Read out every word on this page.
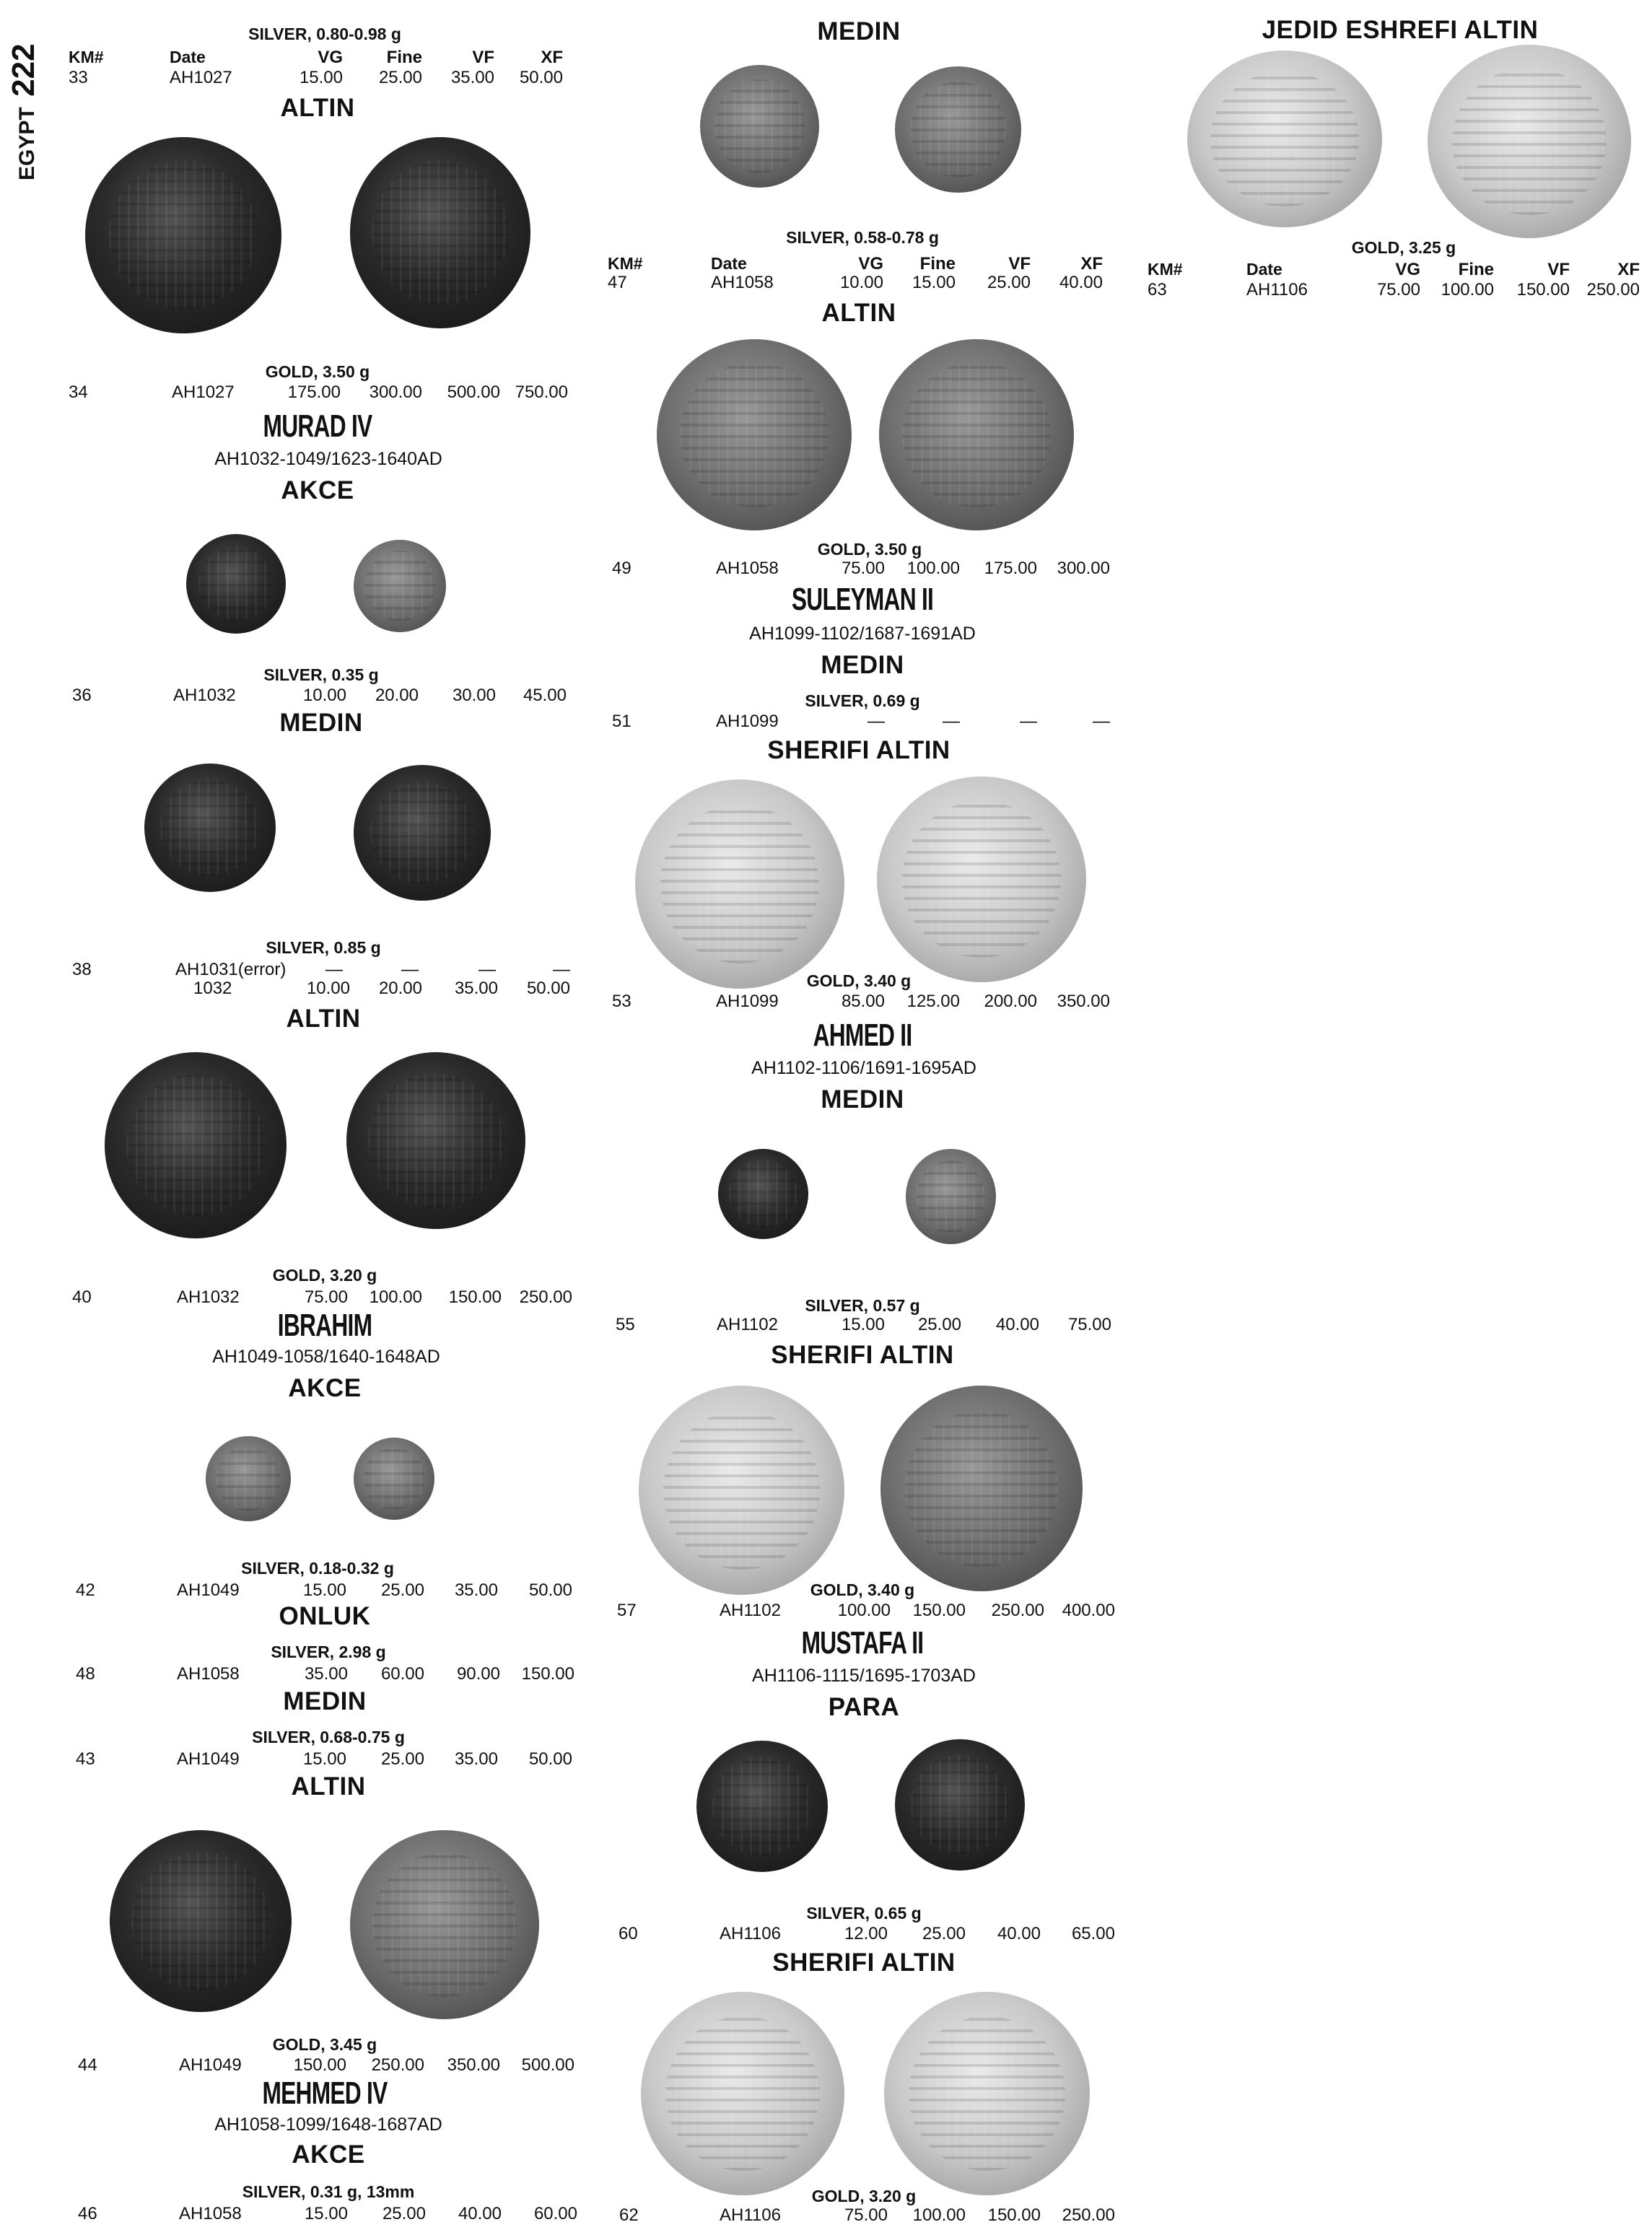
EGYPT 222
SILVER, 0.80-0.98 g
KM#	Date	VG	Fine	VF	XF
33	AH1027	15.00	25.00	35.00	50.00
ALTIN
GOLD, 3.50 g
34	AH1027	175.00	300.00	500.00 750.00
MURAD IV
AH1032-1049/1623-1640AD
AKCE
SILVER, 0.35 g
36	AH1032	10.00	20.00	30.00	45.00
MEDIN
SILVER, 0.85 g
38	AH1031(error)	—	—	—	—
1032	10.00	20.00	35.00	50.00
ALTIN
GOLD, 3.20 g
40	AH1032	75.00	100.00	150.00	250.00
IBRAHIM
AH1049-1058/1640-1648AD
AKCE
SILVER, 0.18-0.32 g
42	AH1049	15.00	25.00	35.00	50.00
ONLUK
SILVER, 2.98 g
48	AH1058	35.00	60.00	90.00	150.00
MEDIN
SILVER, 0.68-0.75 g
43	AH1049	15.00	25.00	35.00	50.00
ALTIN
GOLD, 3.45 g
44	AH1049	150.00	250.00	350.00	500.00
MEHMED IV
AH1058-1099/1648-1687AD
AKCE
SILVER, 0.31 g, 13mm
46	AH1058	15.00	25.00	40.00	60.00
MEDIN
SILVER, 0.58-0.78 g
KM#	Date	VG	Fine	VF	XF
47	AH1058	10.00	15.00	25.00	40.00
ALTIN
GOLD, 3.50 g
49	AH1058	75.00	100.00	175.00	300.00
SULEYMAN II
AH1099-1102/1687-1691AD
MEDIN
SILVER, 0.69 g
51	AH1099	—	—	—	—
SHERIFI ALTIN
GOLD, 3.40 g
53	AH1099	85.00	125.00	200.00	350.00
AHMED II
AH1102-1106/1691-1695AD
MEDIN
SILVER, 0.57 g
55	AH1102	15.00	25.00	40.00	75.00
SHERIFI ALTIN
GOLD, 3.40 g
57	AH1102	100.00	150.00	250.00	400.00
MUSTAFA II
AH1106-1115/1695-1703AD
PARA
SILVER, 0.65 g
60	AH1106	12.00	25.00	40.00	65.00
SHERIFI ALTIN
GOLD, 3.20 g
62	AH1106	75.00	100.00	150.00	250.00
JEDID ESHREFI ALTIN
GOLD, 3.25 g
KM#	Date	VG	Fine	VF	XF
63	AH1106	75.00	100.00	150.00 250.00
